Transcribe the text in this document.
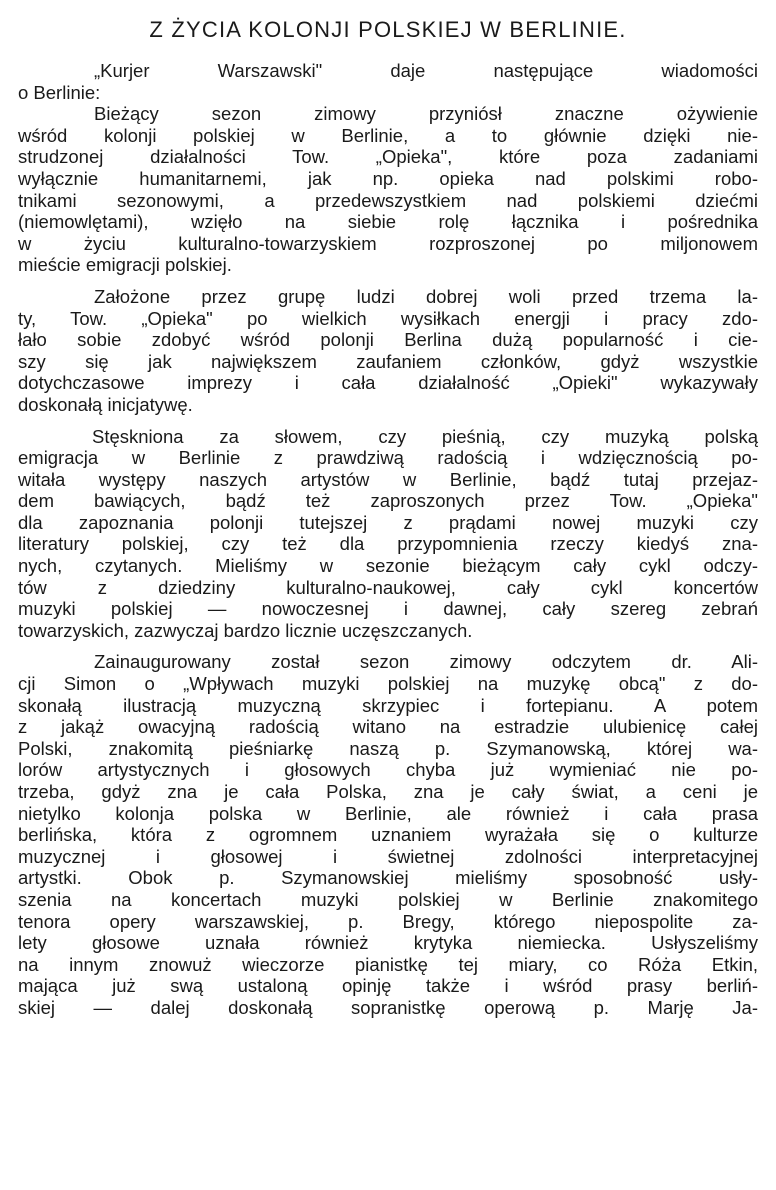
Z ŻYCIA KOLONJI POLSKIEJ W BERLINIE.
„Kurjer Warszawski" daje następujące wiadomości
o Berlinie:
Bieżący sezon zimowy przyniósł znaczne ożywienie
wśród kolonji polskiej w Berlinie, a to głównie dzięki nie-
strudzonej działalności Tow. „Opieka", które poza zadaniami
wyłącznie humanitarnemi, jak np. opieka nad polskimi robo-
tnikami sezonowymi, a przedewszystkiem nad polskiemi dziećmi
(niemowlętami), wzięło na siebie rolę łącznika i pośrednika
w życiu kulturalno-towarzyskiem rozproszonej po miljonowem
mieście emigracji polskiej.
Założone przez grupę ludzi dobrej woli przed trzema la-
ty, Tow. „Opieka" po wielkich wysiłkach energji i pracy zdo-
łało sobie zdobyć wśród polonji Berlina dużą popularność i cie-
szy się jak największem zaufaniem członków, gdyż wszystkie
dotychczasowe imprezy i cała działalność „Opieki" wykazywały
doskonałą inicjatywę.
Stęskniona za słowem, czy pieśnią, czy muzyką polską
emigracja w Berlinie z prawdziwą radością i wdzięcznością po-
witała występy naszych artystów w Berlinie, bądź tutaj przejaz-
dem bawiących, bądź też zaproszonych przez Tow. „Opieka"
dla zapoznania polonji tutejszej z prądami nowej muzyki czy
literatury polskiej, czy też dla przypomnienia rzeczy kiedyś zna-
nych, czytanych. Mieliśmy w sezonie bieżącym cały cykl odczy-
tów z dziedziny kulturalno-naukowej, cały cykl koncertów
muzyki polskiej — nowoczesnej i dawnej, cały szereg zebrań
towarzyskich, zazwyczaj bardzo licznie uczęszczanych.
Zainaugurowany został sezon zimowy odczytem dr. Ali-
cji Simon o „Wpływach muzyki polskiej na muzykę obcą" z do-
skonałą ilustracją muzyczną skrzypiec i fortepianu. A potem
z jakąż owacyjną radością witano na estradzie ulubienicę całej
Polski, znakomitą pieśniarkę naszą p. Szymanowską, której wa-
lorów artystycznych i głosowych chyba już wymieniać nie po-
trzeba, gdyż zna je cała Polska, zna je cały świat, a ceni je
nietylko kolonja polska w Berlinie, ale również i cała prasa
berlińska, która z ogromnem uznaniem wyrażała się o kulturze
muzycznej i głosowej i świetnej zdolności interpretacyjnej
artystki. Obok p. Szymanowskiej mieliśmy sposobność usły-
szenia na koncertach muzyki polskiej w Berlinie znakomitego
tenora opery warszawskiej, p. Bregy, którego niepospolite za-
lety głosowe uznała również krytyka niemiecka. Usłyszeliśmy
na innym znowuż wieczorze pianistkę tej miary, co Róża Etkin,
mająca już swą ustaloną opinję także i wśród prasy berliń-
skiej — dalej doskonałą sopranistkę operową p. Marję Ja-
